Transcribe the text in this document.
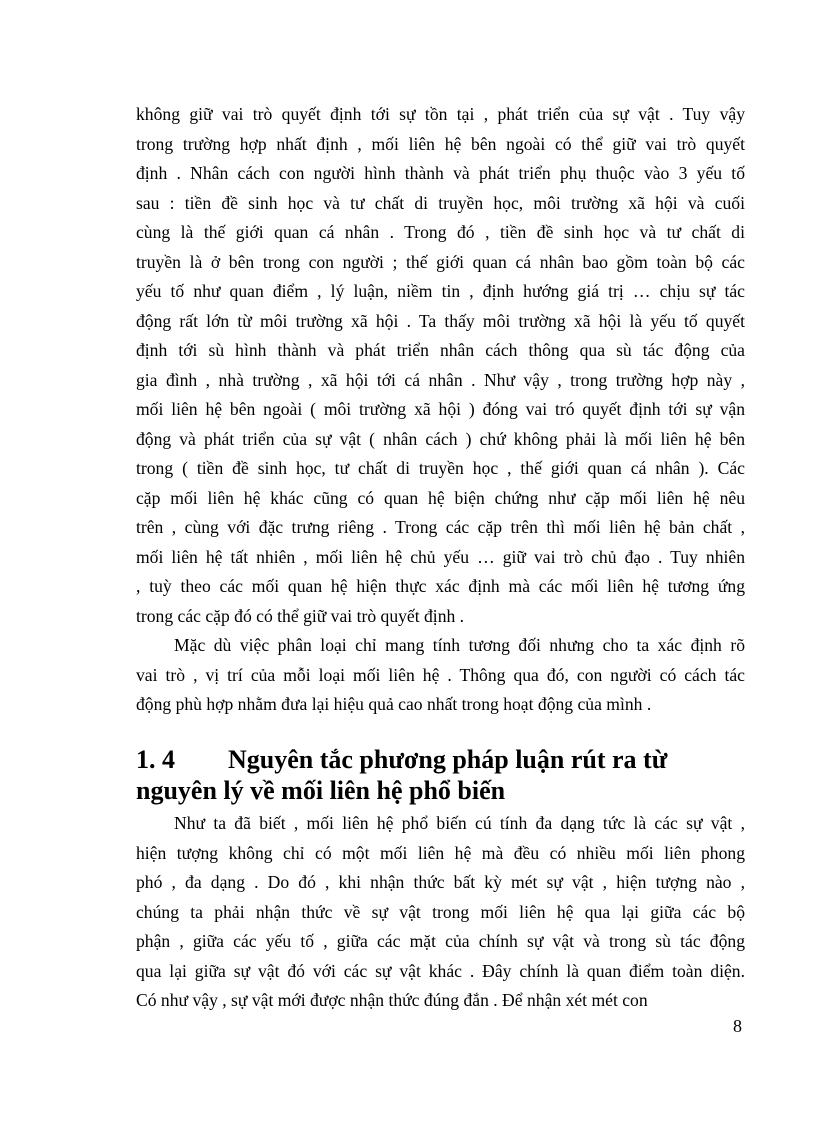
không giữ vai trò quyết định tới sự tồn tại , phát triển của sự vật . Tuy vậy
trong trường hợp nhất định , mối liên hệ bên ngoài có thể giữ vai trò quyết
định . Nhân cách con người hình thành và phát triển phụ thuộc vào 3 yếu tố
sau : tiền đề sinh học và tư chất di truyền học, môi trường xã hội và cuối
cùng là thế giới quan cá nhân . Trong đó , tiền đề sinh học và tư chất di
truyền là ở bên trong con người ; thế giới quan cá nhân bao gồm toàn bộ các
yếu tố như quan điểm , lý luận, niềm tin , định hướng giá trị … chịu sự tác
động rất lớn từ môi trường xã hội . Ta thấy môi trường xã hội là yếu tố quyết
định tới sù hình thành và phát triển nhân cách thông qua sù tác động của
gia đình , nhà trường , xã hội tới cá nhân . Như vậy , trong trường hợp này ,
mối liên hệ bên ngoài ( môi trường xã hội ) đóng vai tró quyết định tới sự vận
động và phát triển của sự vật ( nhân cách ) chứ không phải là mối liên hệ bên
trong ( tiền đề sinh học, tư chất di truyền học , thế giới quan cá nhân ). Các
cặp mối liên hệ khác cũng có quan hệ biện chứng như cặp mối liên hệ nêu
trên , cùng với đặc trưng riêng . Trong các cặp trên thì mối liên hệ bản chất ,
mối liên hệ tất nhiên , mối liên hệ chủ yếu … giữ vai trò chủ đạo . Tuy nhiên
, tuỳ theo các mối quan hệ hiện thực xác định mà các mối liên hệ tương ứng
trong các cặp đó có thể giữ vai trò quyết định .
Mặc dù việc phân loại chỉ mang tính tương đối nhưng cho ta xác định rõ
vai trò , vị trí của mỗi loại mối liên hệ . Thông qua đó, con người có cách tác
động phù hợp nhằm đưa lại hiệu quả cao nhất trong hoạt động của mình .
1. 4 Nguyên tắc phương pháp luận rút ra từ
nguyên lý về mối liên hệ phổ biến
Như ta đã biết , mối liên hệ phổ biến cú tính đa dạng tức là các sự vật ,
hiện tượng không chỉ có một mối liên hệ mà đều có nhiều mối liên phong
phó , đa dạng . Do đó , khi nhận thức bất kỳ mét sự vật , hiện tượng nào ,
chúng ta phải nhận thức về sự vật trong mối liên hệ qua lại giữa các bộ
phận , giữa các yếu tố , giữa các mặt của chính sự vật và trong sù tác động
qua lại giữa sự vật đó với các sự vật khác . Đây chính là quan điểm toàn diện.
Có như vậy , sự vật mới được nhận thức đúng đắn . Để nhận xét mét con
8
